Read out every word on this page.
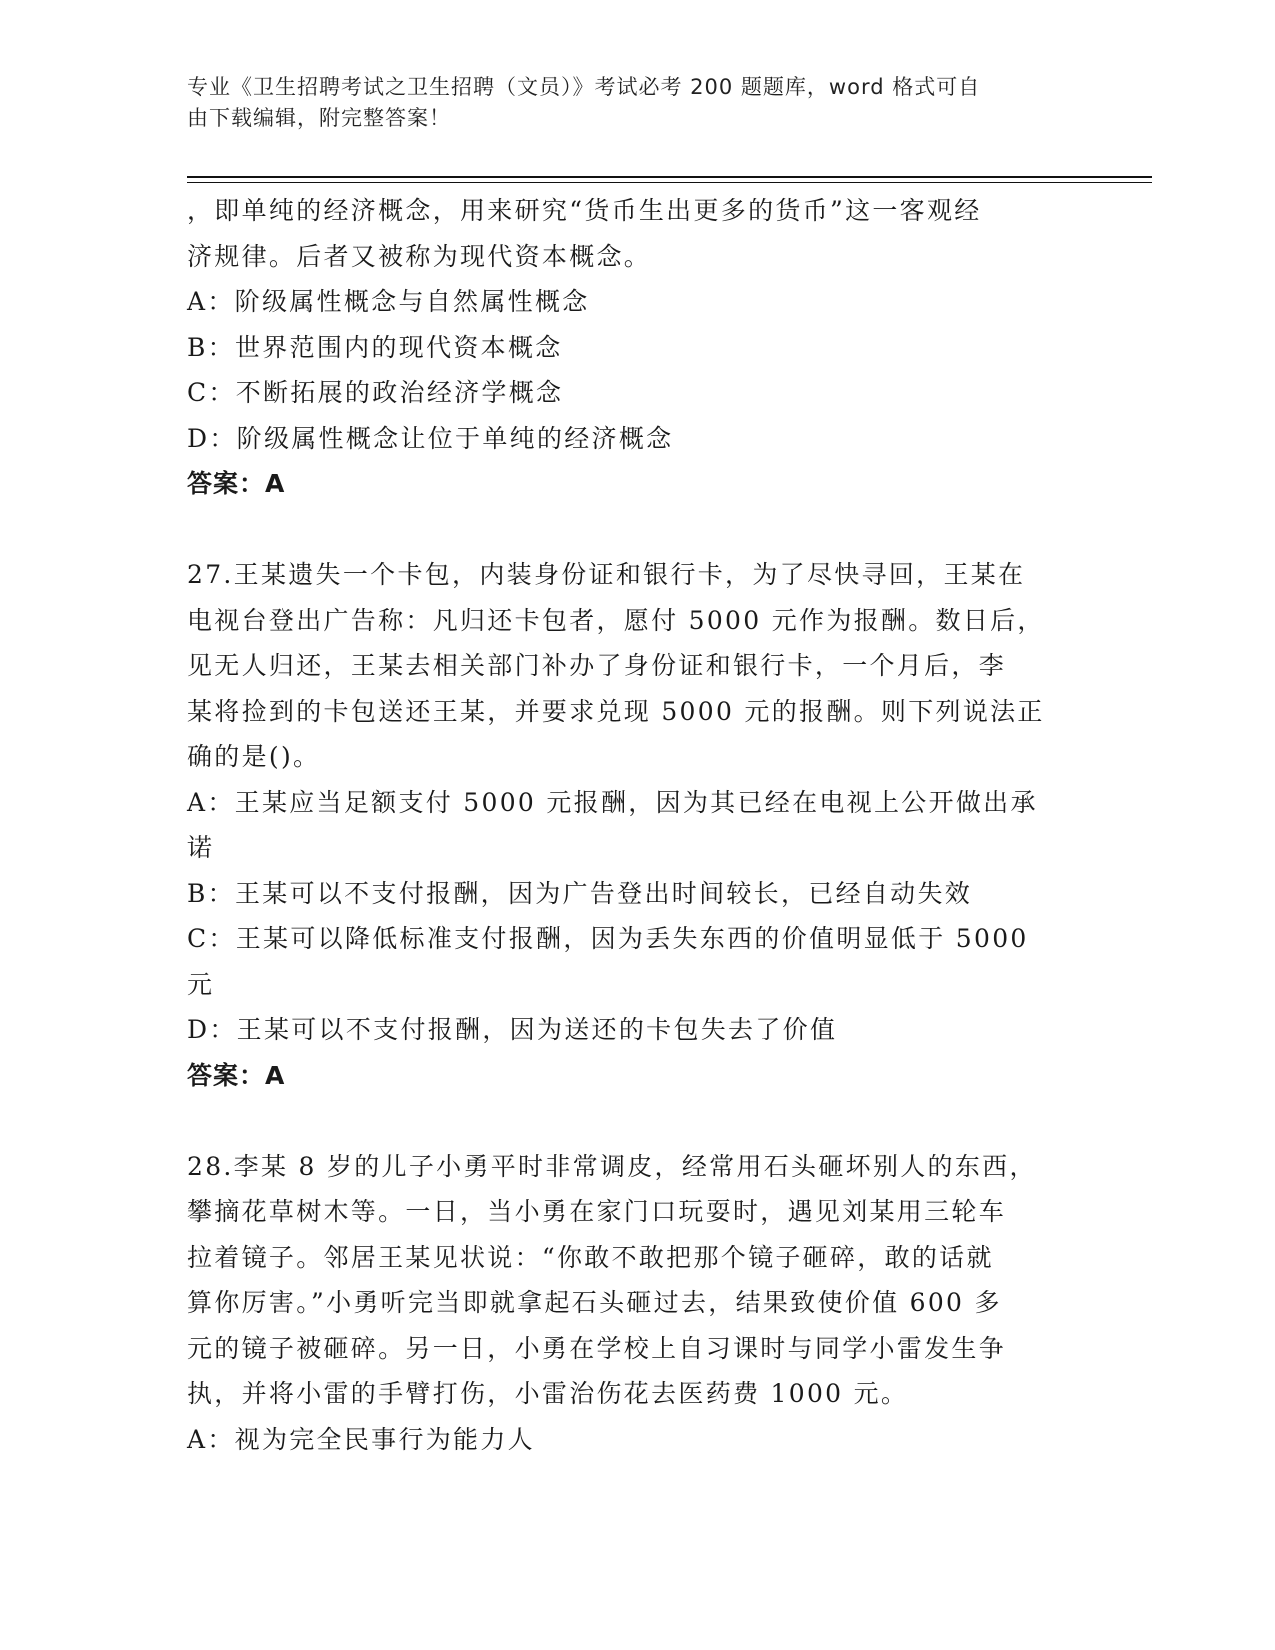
专业《卫生招聘考试之卫生招聘（文员）》考试必考 200 题题库，word 格式可自
由下载编辑，附完整答案！
，即单纯的经济概念，用来研究“货币生出更多的货币”这一客观经
济规律。后者又被称为现代资本概念。
A：阶级属性概念与自然属性概念
B：世界范围内的现代资本概念
C：不断拓展的政治经济学概念
D：阶级属性概念让位于单纯的经济概念
答案：A
27.王某遗失一个卡包，内装身份证和银行卡，为了尽快寻回，王某在
电视台登出广告称：凡归还卡包者，愿付 5000 元作为报酬。数日后，
见无人归还，王某去相关部门补办了身份证和银行卡，一个月后，李
某将捡到的卡包送还王某，并要求兑现 5000 元的报酬。则下列说法正
确的是()。
A：王某应当足额支付 5000 元报酬，因为其已经在电视上公开做出承
诺
B：王某可以不支付报酬，因为广告登出时间较长，已经自动失效
C：王某可以降低标准支付报酬，因为丢失东西的价值明显低于 5000
元
D：王某可以不支付报酬，因为送还的卡包失去了价值
答案：A
28.李某 8 岁的儿子小勇平时非常调皮，经常用石头砸坏别人的东西，
攀摘花草树木等。一日，当小勇在家门口玩耍时，遇见刘某用三轮车
拉着镜子。邻居王某见状说：“你敢不敢把那个镜子砸碎，敢的话就
算你厉害。”小勇听完当即就拿起石头砸过去，结果致使价值 600 多
元的镜子被砸碎。另一日，小勇在学校上自习课时与同学小雷发生争
执，并将小雷的手臂打伤，小雷治伤花去医药费 1000 元。
A：视为完全民事行为能力人
